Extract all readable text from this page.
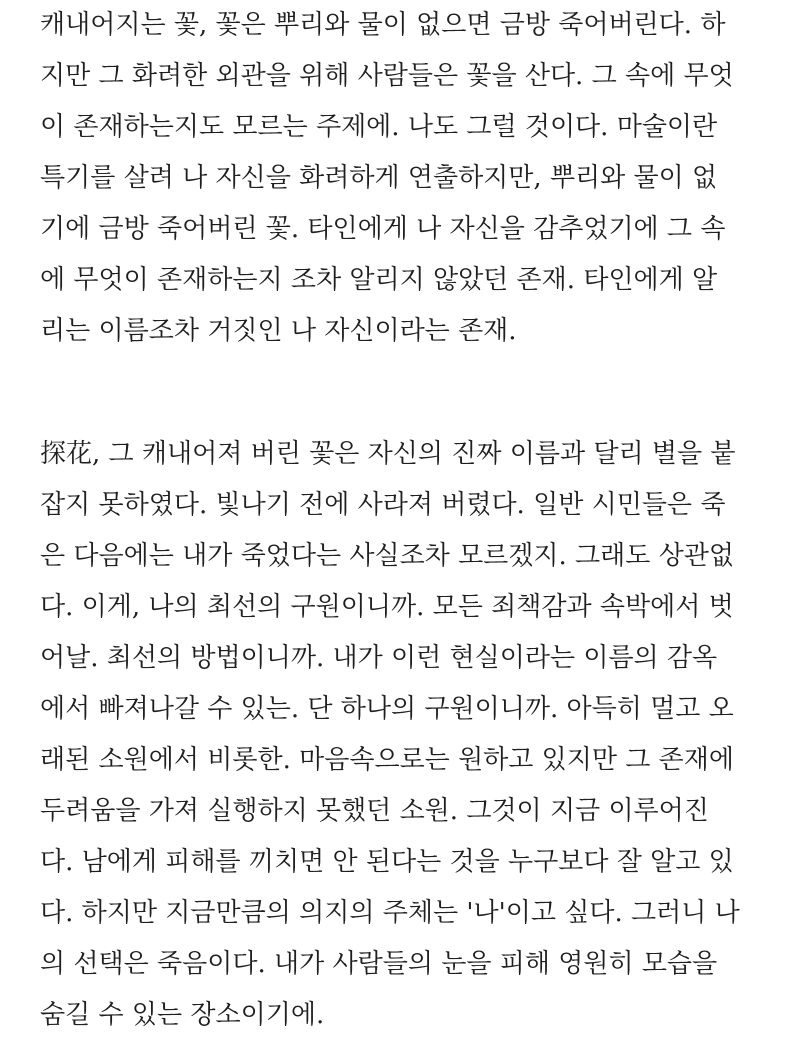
캐내어지는 꽃, 꽃은 뿌리와 물이 없으면 금방 죽어버린다. 하
지만 그 화려한 외관을 위해 사람들은 꽃을 산다. 그 속에 무엇
이 존재하는지도 모르는 주제에. 나도 그럴 것이다. 마술이란
특기를 살려 나 자신을 화려하게 연출하지만, 뿌리와 물이 없
기에 금방 죽어버린 꽃. 타인에게 나 자신을 감추었기에 그 속
에 무엇이 존재하는지 조차 알리지 않았던 존재. 타인에게 알
리는 이름조차 거짓인 나 자신이라는 존재.
探花, 그 캐내어져 버린 꽃은 자신의 진짜 이름과 달리 별을 붙
잡지 못하였다. 빛나기 전에 사라져 버렸다. 일반 시민들은 죽
은 다음에는 내가 죽었다는 사실조차 모르겠지. 그래도 상관없
다. 이게, 나의 최선의 구원이니까. 모든 죄책감과 속박에서 벗
어날. 최선의 방법이니까. 내가 이런 현실이라는 이름의 감옥
에서 빠져나갈 수 있는. 단 하나의 구원이니까. 아득히 멀고 오
래된 소원에서 비롯한. 마음속으로는 원하고 있지만 그 존재에
두려움을 가져 실행하지 못했던 소원. 그것이 지금 이루어진
다. 남에게 피해를 끼치면 안 된다는 것을 누구보다 잘 알고 있
다. 하지만 지금만큼의 의지의 주체는 '나'이고 싶다. 그러니 나
의 선택은 죽음이다. 내가 사람들의 눈을 피해 영원히 모습을
숨길 수 있는 장소이기에.
